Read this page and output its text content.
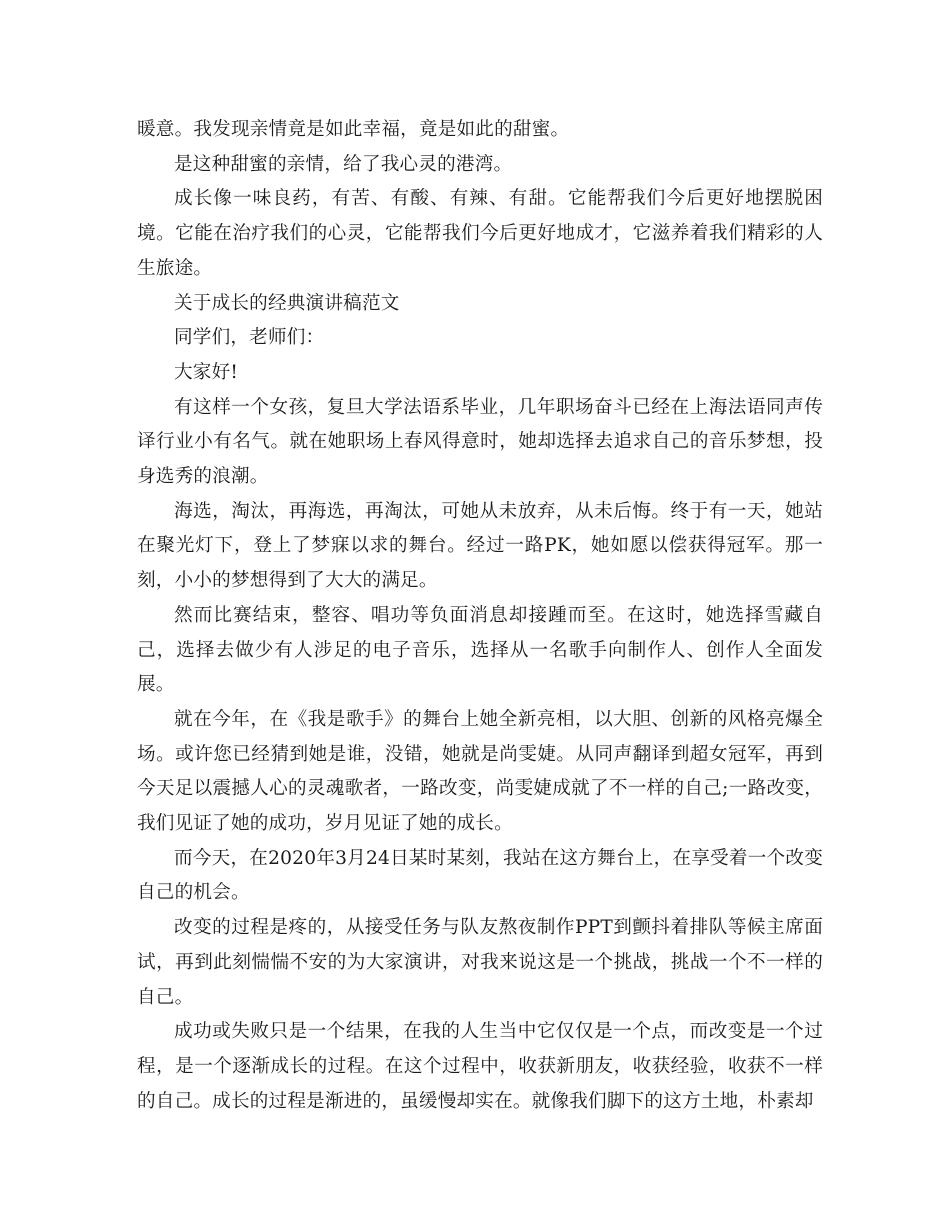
暖意。我发现亲情竟是如此幸福，竟是如此的甜蜜。

是这种甜蜜的亲情，给了我心灵的港湾。

成长像一味良药，有苦、有酸、有辣、有甜。它能帮我们今后更好地摆脱困境。它能在治疗我们的心灵，它能帮我们今后更好地成才，它滋养着我们精彩的人生旅途。

关于成长的经典演讲稿范文

同学们，老师们：

大家好!

有这样一个女孩，复旦大学法语系毕业，几年职场奋斗已经在上海法语同声传译行业小有名气。就在她职场上春风得意时，她却选择去追求自己的音乐梦想，投身选秀的浪潮。

海选，淘汰，再海选，再淘汰，可她从未放弃，从未后悔。终于有一天，她站在聚光灯下，登上了梦寐以求的舞台。经过一路PK，她如愿以偿获得冠军。那一刻，小小的梦想得到了大大的满足。

然而比赛结束，整容、唱功等负面消息却接踵而至。在这时，她选择雪藏自己，选择去做少有人涉足的电子音乐，选择从一名歌手向制作人、创作人全面发展。

就在今年，在《我是歌手》的舞台上她全新亮相，以大胆、创新的风格亮爆全场。或许您已经猜到她是谁，没错，她就是尚雯婕。从同声翻译到超女冠军，再到今天足以震撼人心的灵魂歌者，一路改变，尚雯婕成就了不一样的自己;一路改变，我们见证了她的成功，岁月见证了她的成长。

而今天，在2020年3月24日某时某刻，我站在这方舞台上，在享受着一个改变自己的机会。

改变的过程是疼的，从接受任务与队友熬夜制作PPT到颤抖着排队等候主席面试，再到此刻惴惴不安的为大家演讲，对我来说这是一个挑战，挑战一个不一样的自己。

成功或失败只是一个结果，在我的人生当中它仅仅是一个点，而改变是一个过程，是一个逐渐成长的过程。在这个过程中，收获新朋友，收获经验，收获不一样的自己。成长的过程是渐进的，虽缓慢却实在。就像我们脚下的这方土地，朴素却
